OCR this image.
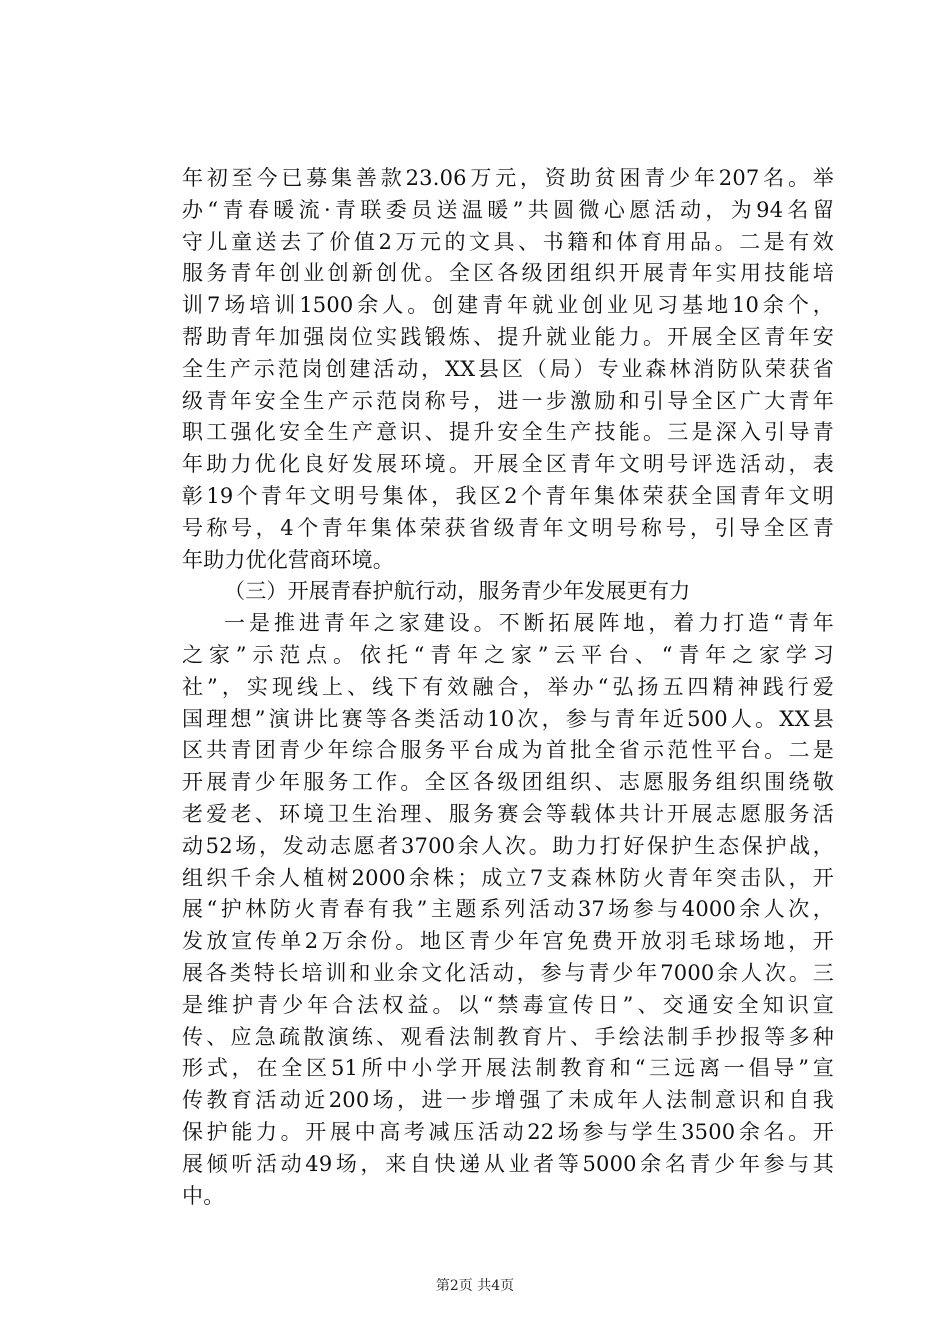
年初至今已募集善款23.06万元，资助贫困青少年207名。举
办“青春暖流·青联委员送温暖”共圆微心愿活动，为94名留
守儿童送去了价值2万元的文具、书籍和体育用品。二是有效
服务青年创业创新创优。全区各级团组织开展青年实用技能培
训7场培训1500余人。创建青年就业创业见习基地10余个，
帮助青年加强岗位实践锻炼、提升就业能力。开展全区青年安
全生产示范岗创建活动，XX县区（局）专业森林消防队荣获省
级青年安全生产示范岗称号，进一步激励和引导全区广大青年
职工强化安全生产意识、提升安全生产技能。三是深入引导青
年助力优化良好发展环境。开展全区青年文明号评选活动，表
彰19个青年文明号集体，我区2个青年集体荣获全国青年文明
号称号，4个青年集体荣获省级青年文明号称号，引导全区青
年助力优化营商环境。
（三）开展青春护航行动，服务青少年发展更有力
一是推进青年之家建设。不断拓展阵地，着力打造“青年
之家”示范点。依托“青年之家”云平台、“青年之家学习
社”，实现线上、线下有效融合，举办“弘扬五四精神践行爱
国理想”演讲比赛等各类活动10次，参与青年近500人。XX县
区共青团青少年综合服务平台成为首批全省示范性平台。二是
开展青少年服务工作。全区各级团组织、志愿服务组织围绕敬
老爱老、环境卫生治理、服务赛会等载体共计开展志愿服务活
动52场，发动志愿者3700余人次。助力打好保护生态保护战，
组织千余人植树2000余株；成立7支森林防火青年突击队，开
展“护林防火青春有我”主题系列活动37场参与4000余人次，
发放宣传单2万余份。地区青少年宫免费开放羽毛球场地，开
展各类特长培训和业余文化活动，参与青少年7000余人次。三
是维护青少年合法权益。以“禁毒宣传日”、交通安全知识宣
传、应急疏散演练、观看法制教育片、手绘法制手抄报等多种
形式，在全区51所中小学开展法制教育和“三远离一倡导”宣
传教育活动近200场，进一步增强了未成年人法制意识和自我
保护能力。开展中高考减压活动22场参与学生3500余名。开
展倾听活动49场，来自快递从业者等5000余名青少年参与其
中。
第2页 共4页
